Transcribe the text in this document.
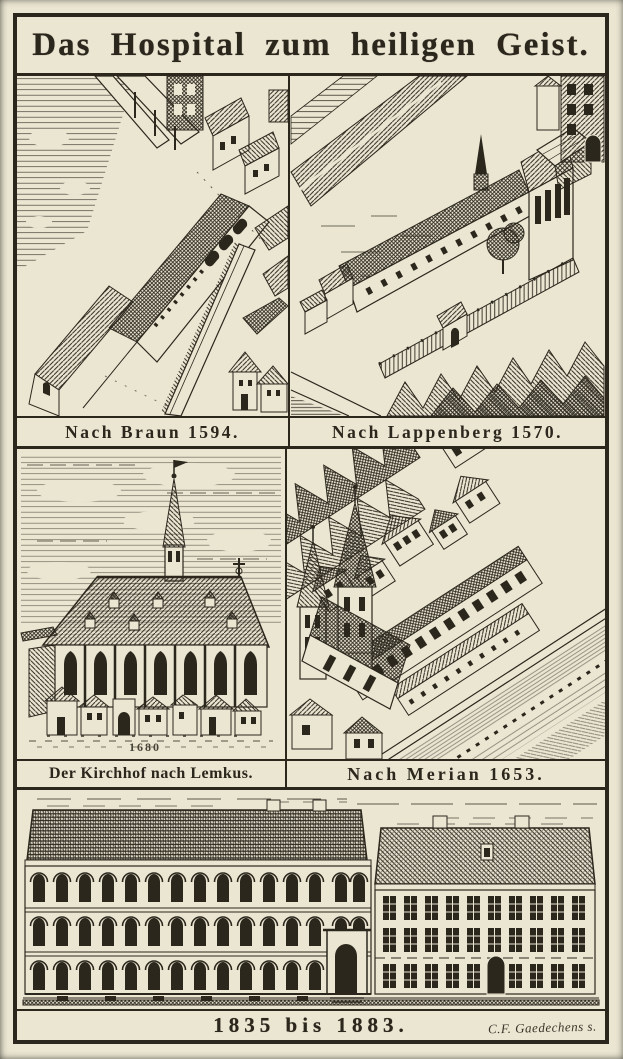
Das Hospital zum heiligen Geist.
Nach Braun 1594.	Nach Lappenberg 1570.
1680
Der Kirchhof nach Lemkus.	Nach Merian 1653.
1835 bis 1883.	C.F. Gaedechens s.
